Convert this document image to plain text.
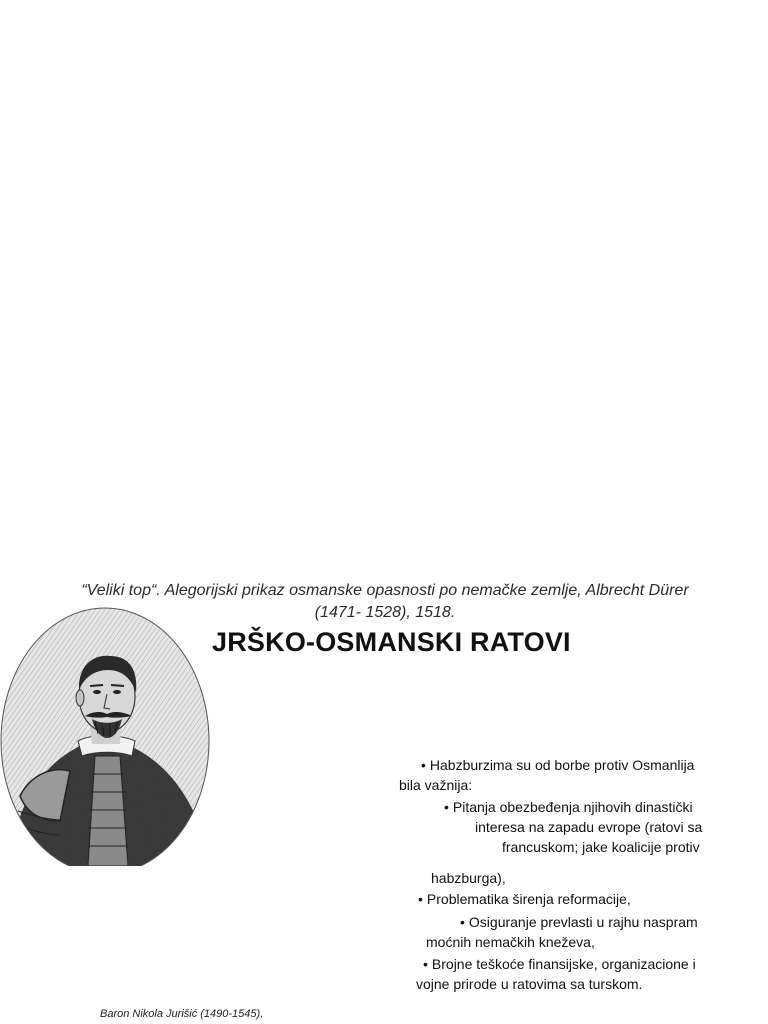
“Veliki top“. Alegorijski prikaz osmanske opasnosti po nemačke zemlje, Albrecht Dürer
(1471- 1528), 1518.
JRŠKO-OSMANSKI RATOVI
• Habzburzima su od borbe protiv Osmanlija
bila važnija:
• Pitanja obezbeđenja njihovih dinastički
interesa na zapadu evrope (ratovi sa
francuskom; jake koalicije protiv
habzburga),
• Problematika širenja reformacije,
• Osiguranje prevlasti u rajhu naspram
moćnih nemačkih kneževa,
• Brojne teškoće finansijske, organizacione i
vojne prirode u ratovima sa turskom.
Baron Nikola Jurišić (1490-1545),
